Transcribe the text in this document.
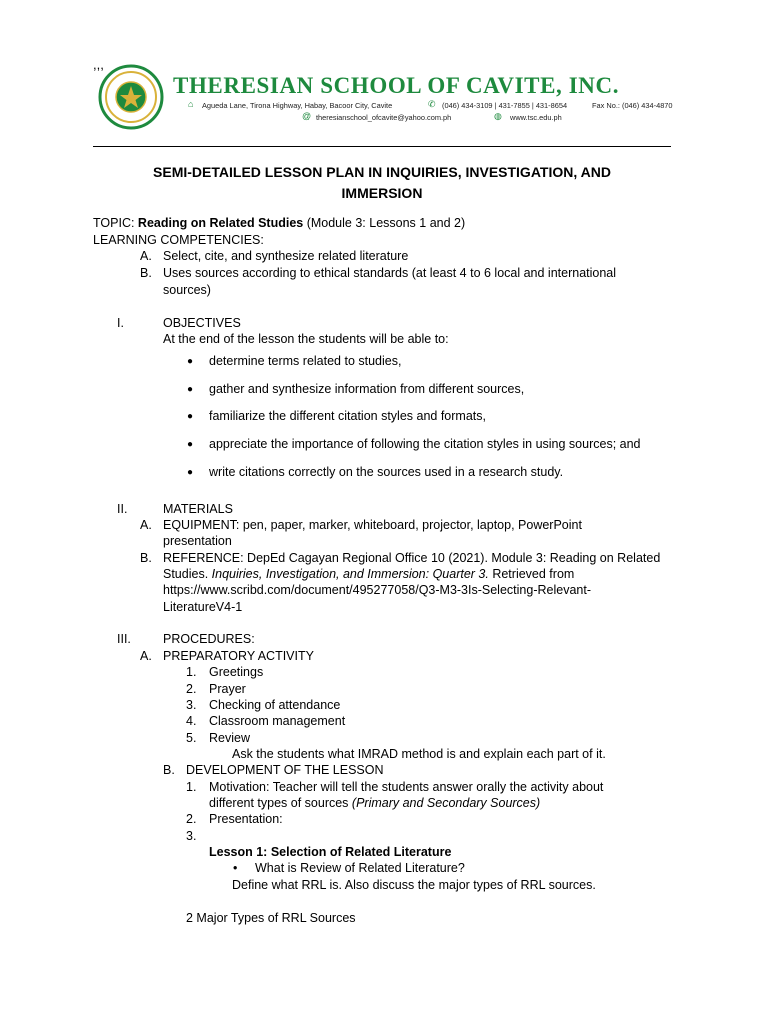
,,,
THERESIAN SCHOOL OF CAVITE, INC.
⌂ Agueda Lane, Tirona Highway, Habay, Bacoor City, Cavite	✆ (046) 434-3109 | 431-7855 | 431-8654	Fax No.: (046) 434-4870
@ theresianschool_ofcavite@yahoo.com.ph	◍ www.tsc.edu.ph
SEMI-DETAILED LESSON PLAN IN INQUIRIES, INVESTIGATION, AND
IMMERSION
TOPIC: Reading on Related Studies (Module 3: Lessons 1 and 2)
LEARNING COMPETENCIES:
A. Select, cite, and synthesize related literature
B. Uses sources according to ethical standards (at least 4 to 6 local and international
sources)
I.	OBJECTIVES
At the end of the lesson the students will be able to:
● determine terms related to studies,
● gather and synthesize information from different sources,
● familiarize the different citation styles and formats,
● appreciate the importance of following the citation styles in using sources; and
● write citations correctly on the sources used in a research study.
II.	MATERIALS
A. EQUIPMENT: pen, paper, marker, whiteboard, projector, laptop, PowerPoint
presentation
B. REFERENCE: DepEd Cagayan Regional Office 10 (2021). Module 3: Reading on Related
Studies. Inquiries, Investigation, and Immersion: Quarter 3. Retrieved from
https://www.scribd.com/document/495277058/Q3-M3-3Is-Selecting-Relevant-
LiteratureV4-1
III.	PROCEDURES:
A. PREPARATORY ACTIVITY
1. Greetings
2. Prayer
3. Checking of attendance
4. Classroom management
5. Review
Ask the students what IMRAD method is and explain each part of it.
B. DEVELOPMENT OF THE LESSON
1. Motivation: Teacher will tell the students answer orally the activity about
different types of sources (Primary and Secondary Sources)
2. Presentation:
3.
Lesson 1: Selection of Related Literature
• What is Review of Related Literature?
Define what RRL is. Also discuss the major types of RRL sources.
2 Major Types of RRL Sources
